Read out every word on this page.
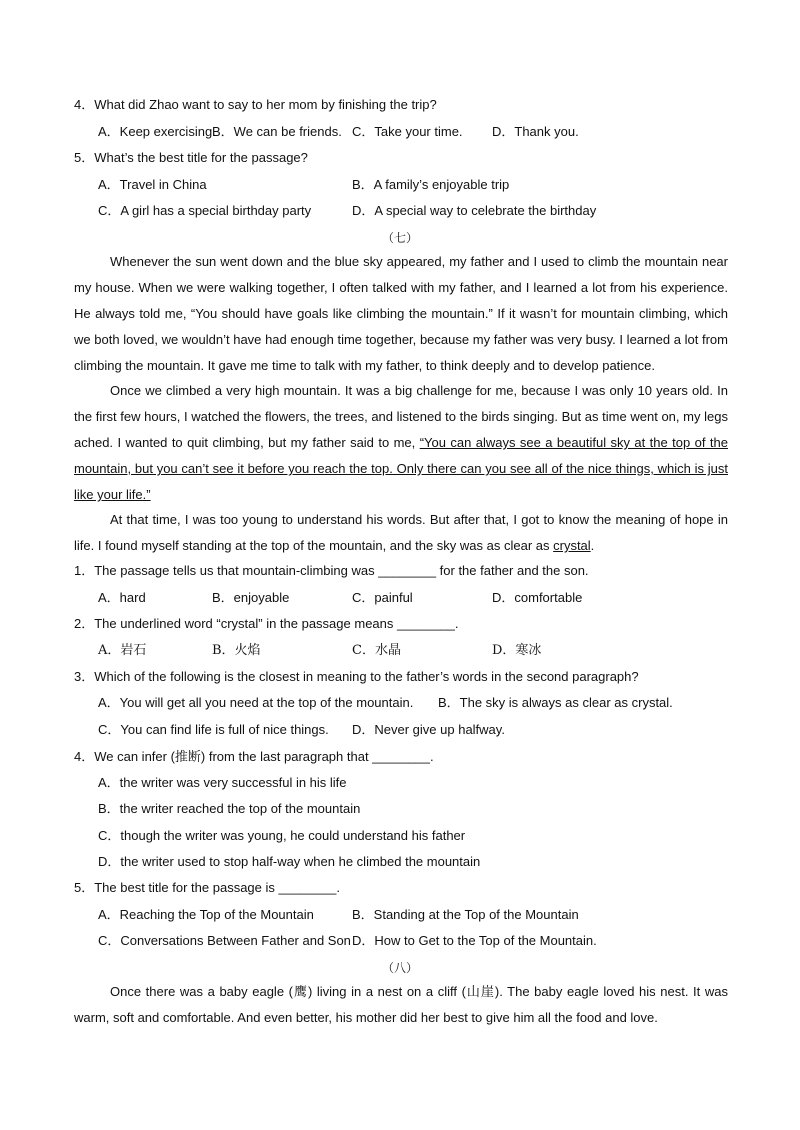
4．What did Zhao want to say to her mom by finishing the trip?
A．Keep exercising.
B．We can be friends. C．Take your time. D．Thank you.
5．What’s the best title for the passage?
A．Travel in China	B．A family’s enjoyable trip
C．A girl has a special birthday party	D．A special way to celebrate the birthday
（七）
Whenever the sun went down and the blue sky appeared, my father and I used to climb the mountain near my house. When we were walking together, I often talked with my father, and I learned a lot from his experience. He always told me, “You should have goals like climbing the mountain.” If it wasn’t for mountain climbing, which we both loved, we wouldn’t have had enough time together, because my father was very busy. I learned a lot from climbing the mountain. It gave me time to talk with my father, to think deeply and to develop patience.
Once we climbed a very high mountain. It was a big challenge for me, because I was only 10 years old. In the first few hours, I watched the flowers, the trees, and listened to the birds singing. But as time went on, my legs ached. I wanted to quit climbing, but my father said to me, “You can always see a beautiful sky at the top of the mountain, but you can’t see it before you reach the top. Only there can you see all of the nice things, which is just like your life.”
At that time, I was too young to understand his words. But after that, I got to know the meaning of hope in life. I found myself standing at the top of the mountain, and the sky was as clear as crystal.
1．The passage tells us that mountain-climbing was ________ for the father and the son.
A．hard	B．enjoyable	C．painful	D．comfortable
2．The underlined word “crystal” in the passage means ________.
A．岩石	B．火焰	C．水晶	D．寒冰
3．Which of the following is the closest in meaning to the father’s words in the second paragraph?
A．You will get all you need at the top of the mountain. B．The sky is always as clear as crystal.
C．You can find life is full of nice things. D．Never give up halfway.
4．We can infer (推断) from the last paragraph that ________.
A．the writer was very successful in his life
B．the writer reached the top of the mountain
C．though the writer was young, he could understand his father
D．the writer used to stop half-way when he climbed the mountain
5．The best title for the passage is ________.
A．Reaching the Top of the Mountain	B．Standing at the Top of the Mountain
C．Conversations Between Father and Son D．How to Get to the Top of the Mountain.
（八）
Once there was a baby eagle (鹰) living in a nest on a cliff (山崖). The baby eagle loved his nest. It was warm, soft and comfortable. And even better, his mother did her best to give him all the food and love.
